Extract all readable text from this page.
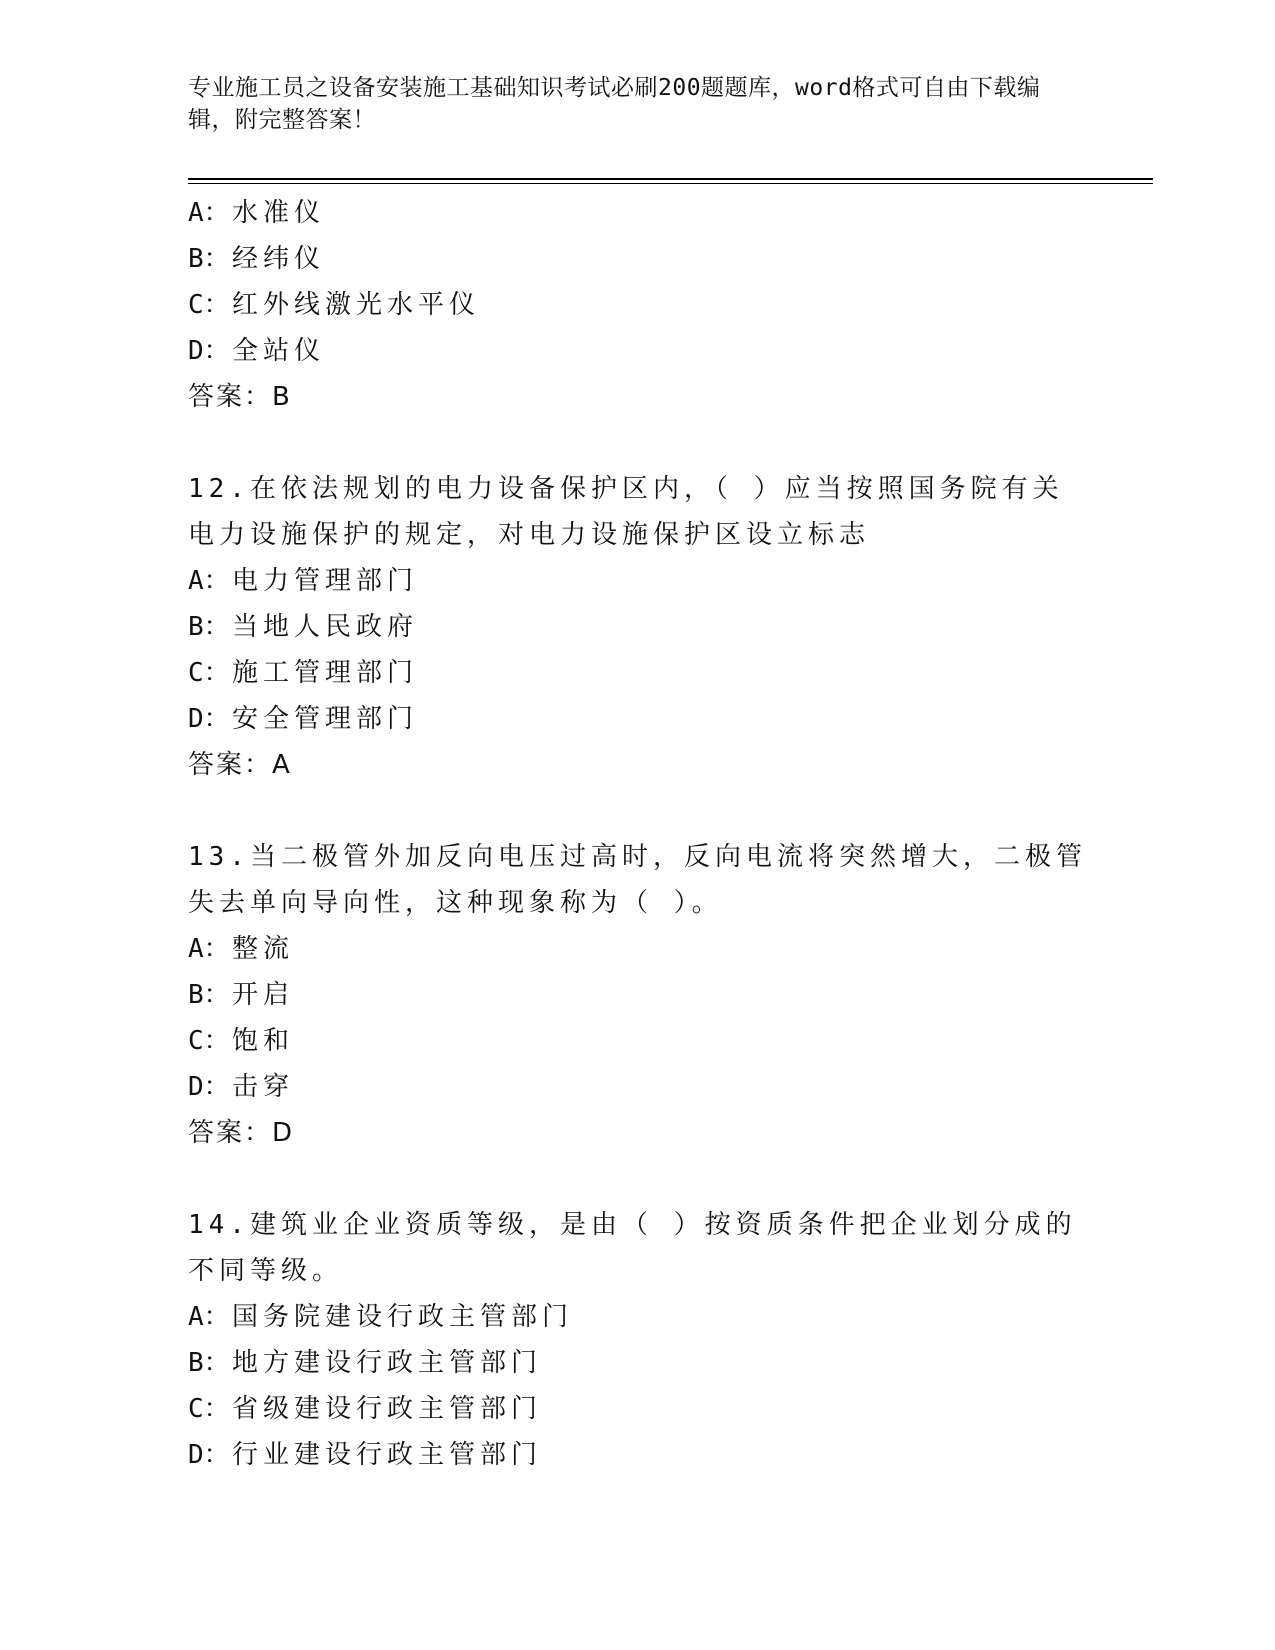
专业施工员之设备安装施工基础知识考试必刷200题题库，word格式可自由下载编辑，附完整答案！
A：水准仪
B：经纬仪
C：红外线激光水平仪
D：全站仪
答案：B
12.在依法规划的电力设备保护区内，（ ）应当按照国务院有关电力设施保护的规定，对电力设施保护区设立标志
A：电力管理部门
B：当地人民政府
C：施工管理部门
D：安全管理部门
答案：A
13.当二极管外加反向电压过高时，反向电流将突然增大，二极管失去单向导向性，这种现象称为（ ）。
A：整流
B：开启
C：饱和
D：击穿
答案：D
14.建筑业企业资质等级，是由（ ）按资质条件把企业划分成的不同等级。
A：国务院建设行政主管部门
B：地方建设行政主管部门
C：省级建设行政主管部门
D：行业建设行政主管部门
